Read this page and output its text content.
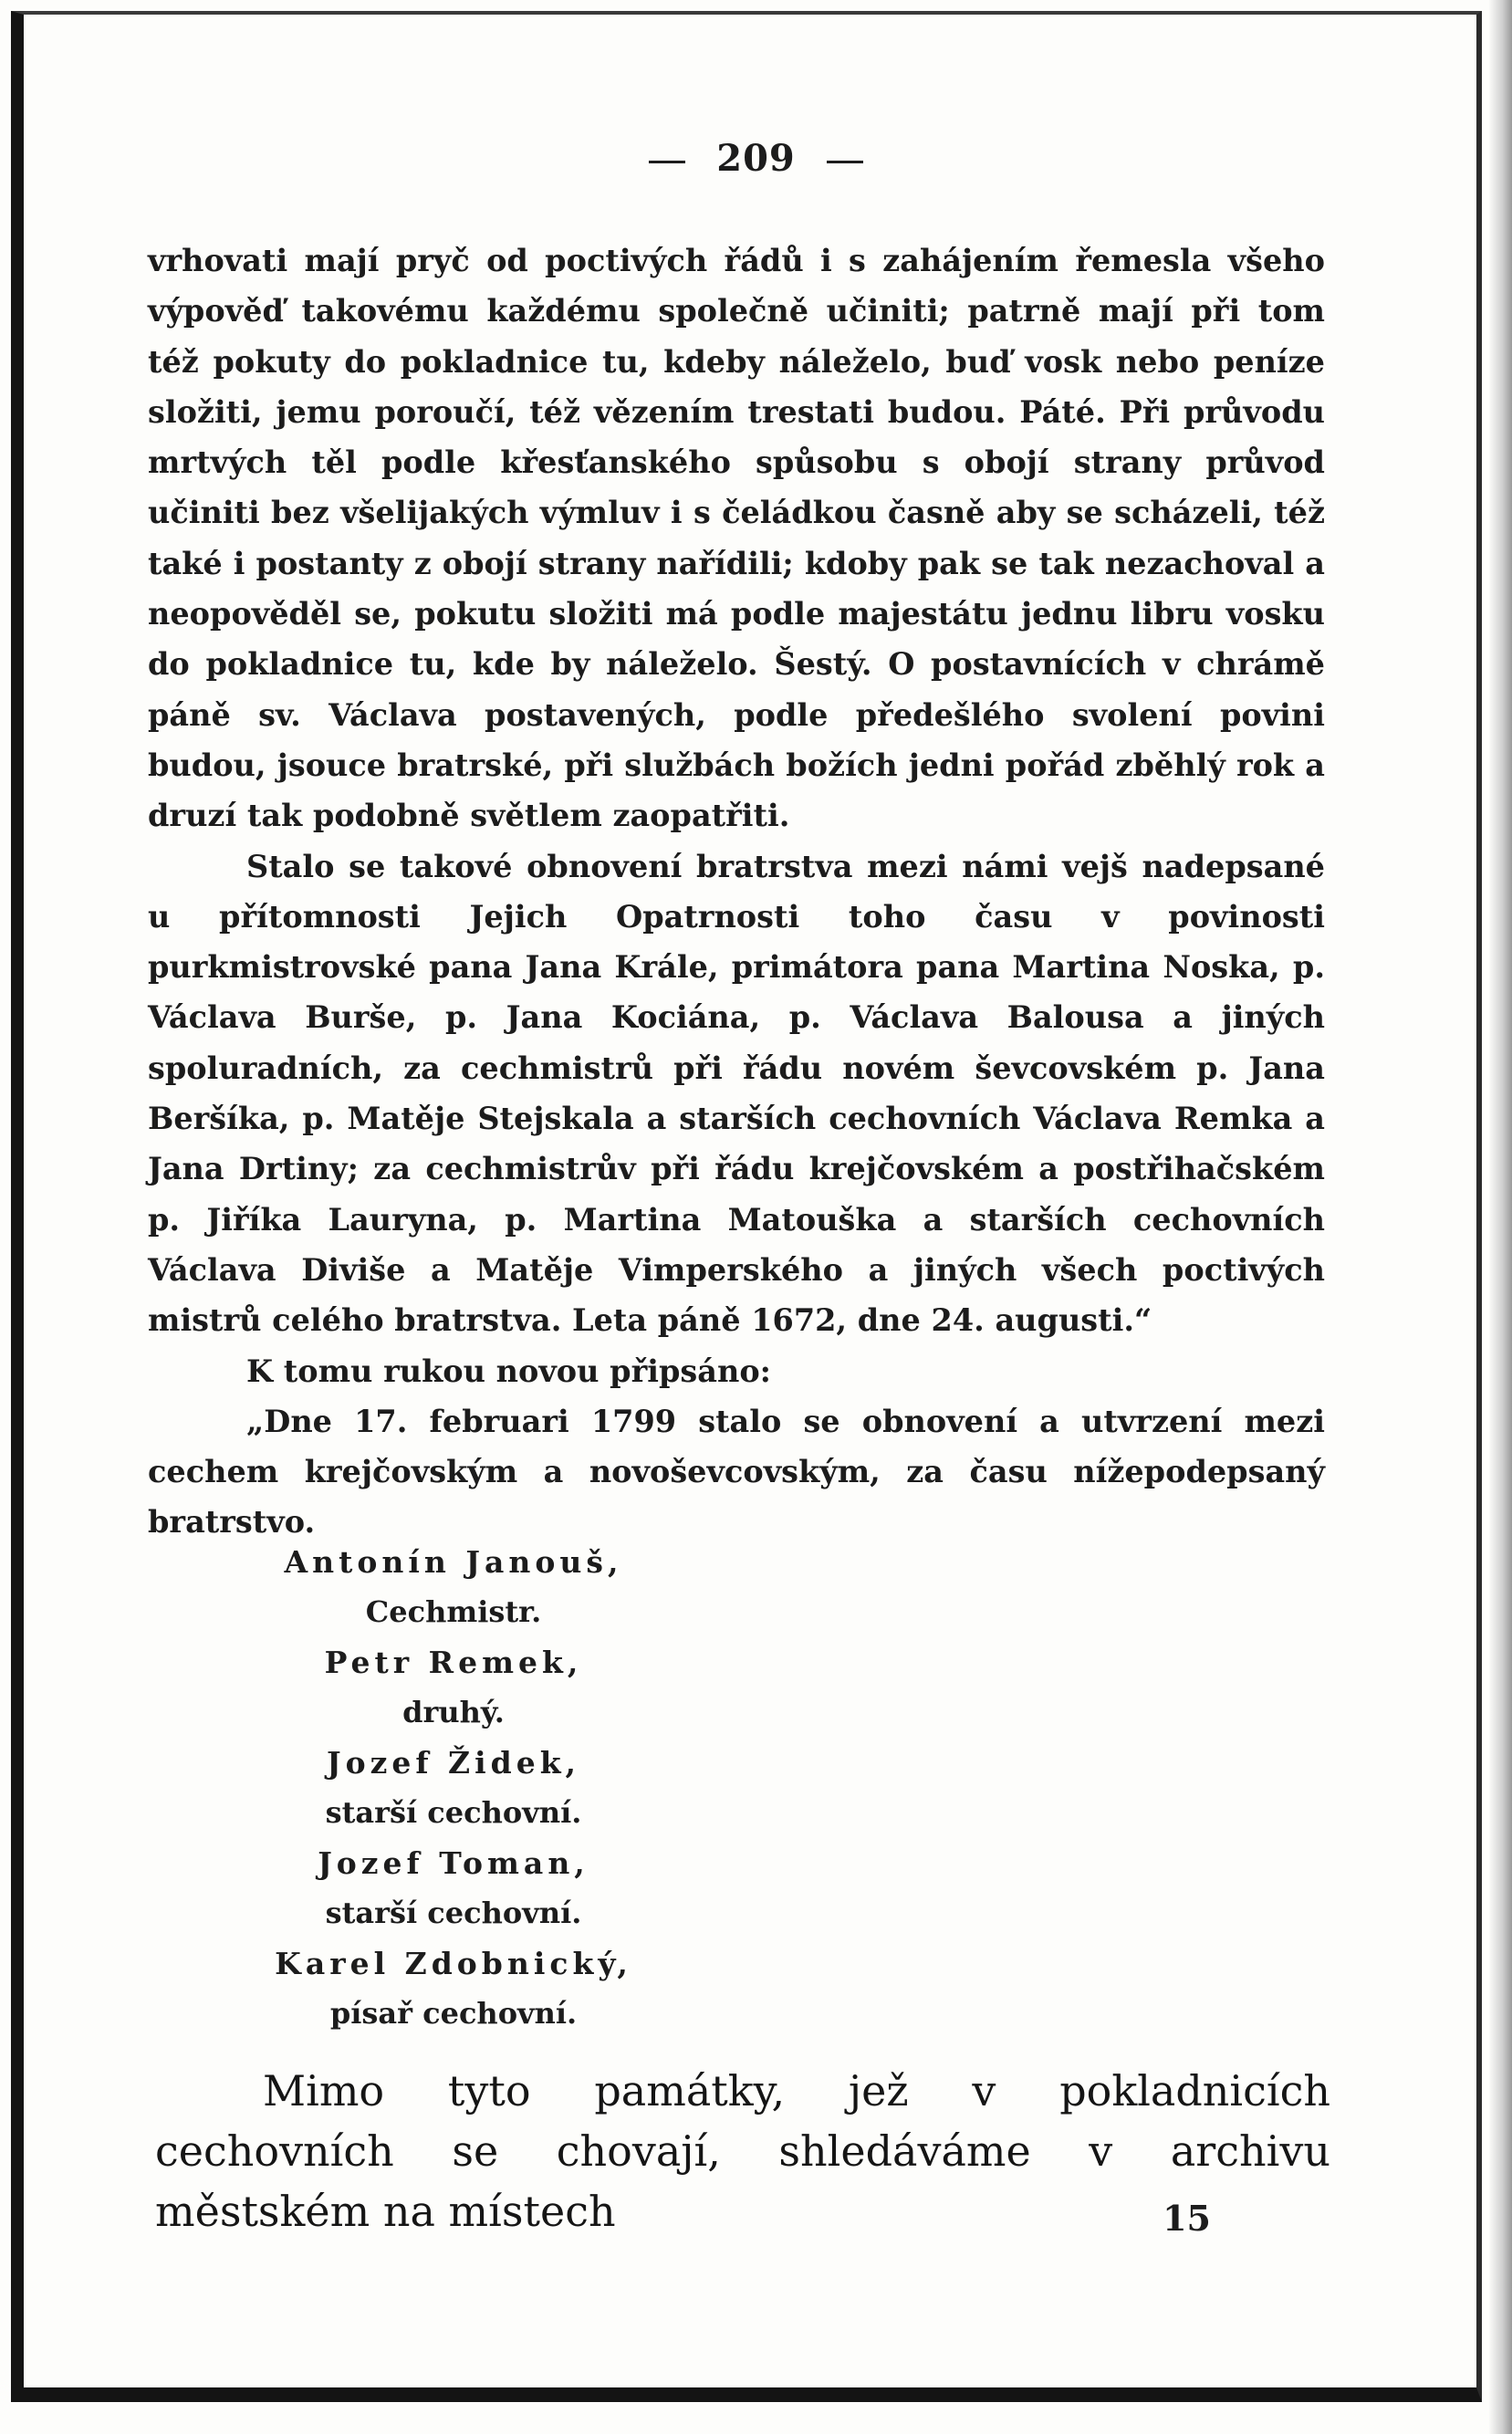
209

vrhovati mají pryč od poctivých řádů i s zahájením řemesla všeho výpověď takovému každému společně učiniti; patrně mají při tom též pokuty do pokladnice tu, kdeby náleželo, buď vosk nebo peníze složiti, jemu poroučí, též vězením trestati budou. Páté. Při průvodu mrtvých těl podle křesťanského spůsobu s obojí strany průvod učiniti bez všelijakých výmluv i s čeládkou časně aby se scházeli, též také i postanty z obojí strany nařídili; kdoby pak se tak nezachoval a neopověděl se, pokutu složiti má podle majestátu jednu libru vosku do pokladnice tu, kde by náleželo. Šestý. O postavnících v chrámě páně sv. Václava postavených, podle předešlého svolení povini budou, jsouce bratrské, při službách božích jedni pořád zběhlý rok a druzí tak podobně světlem zaopatřiti.

Stalo se takové obnovení bratrstva mezi námi vejš nadepsané u přítomnosti Jejich Opatrnosti toho času v povinosti purkmistrovské pana Jana Krále, primátora pana Martina Noska, p. Václava Burše, p. Jana Kociána, p. Václava Balousa a jiných spoluradních, za cechmistrů při řádu novém ševcovském p. Jana Beršíka, p. Matěje Stejskala a starších cechovních Václava Remka a Jana Drtiny; za cechmistrův při řádu krejčovském a postřihačském p. Jiříka Lauryna, p. Martina Matouška a starších cechovních Václava Diviše a Matěje Vimperského a jiných všech poctivých mistrů celého bratrstva. Leta páně 1672, dne 24. augusti.“

K tomu rukou novou připsáno:

„Dne 17. februari 1799 stalo se obnovení a utvrzení mezi cechem krejčovským a novoševcovským, za času nížepodepsaný bratrstvo.

Antonín Janouš,
Cechmistr.
Petr Remek,
druhý.
Jozef Židek,
starší cechovní.
Jozef Toman,
starší cechovní.
Karel Zdobnický,
písař cechovní.

Mimo tyto památky, jež v pokladnicích cechovních se chovají, shledáváme v archivu městském na místech	15
